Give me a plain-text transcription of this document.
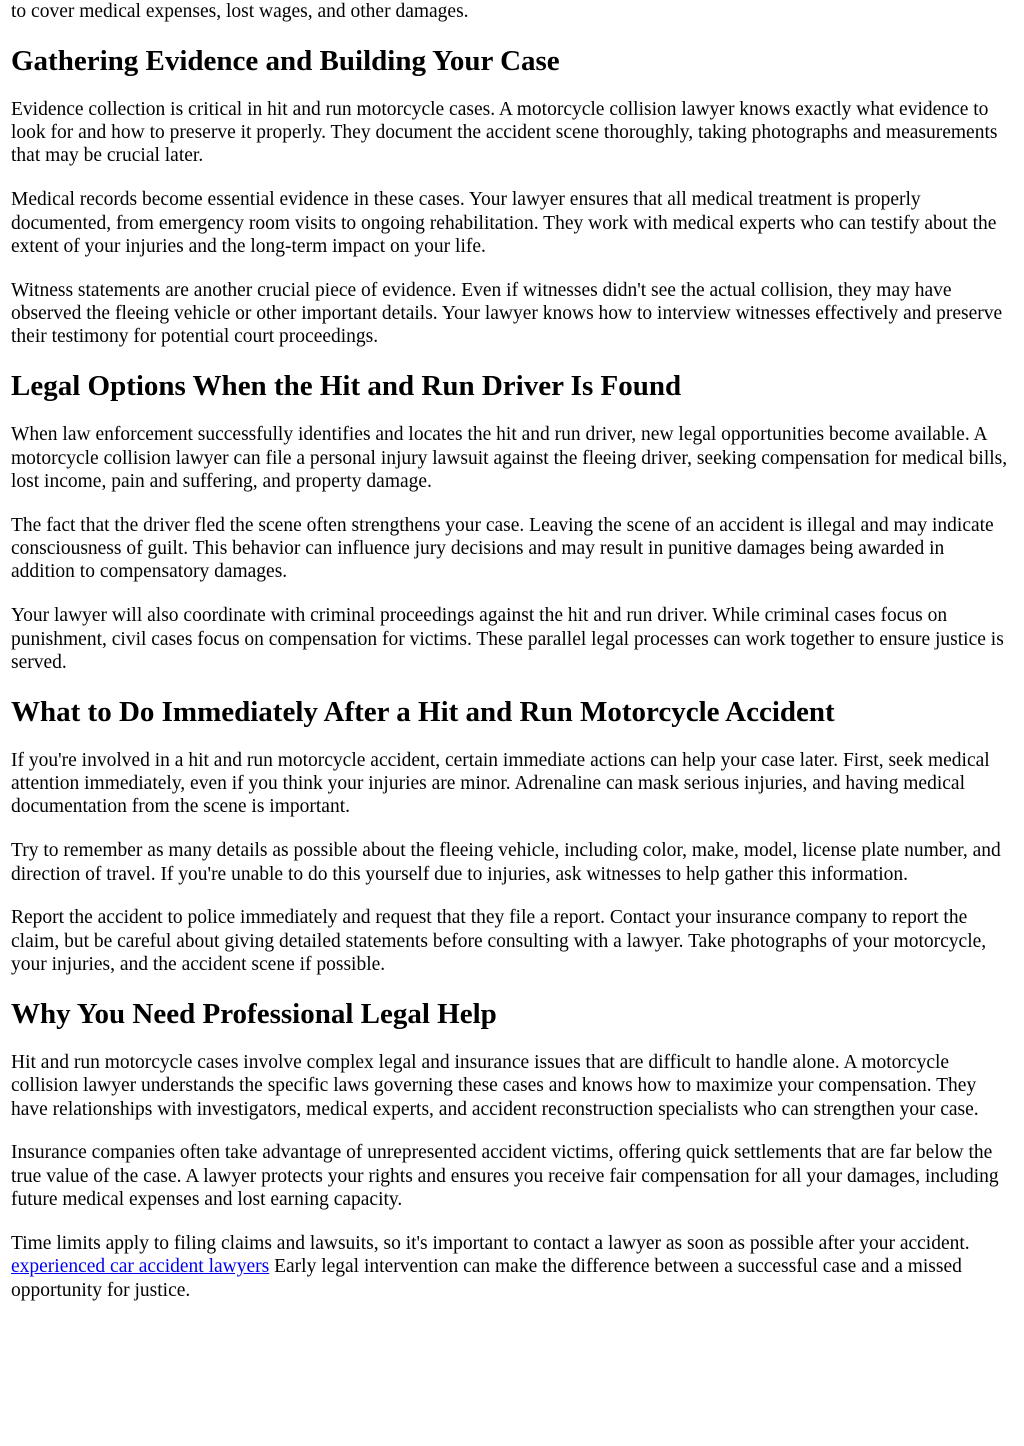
to cover medical expenses, lost wages, and other damages.

Gathering Evidence and Building Your Case

Evidence collection is critical in hit and run motorcycle cases. A motorcycle collision lawyer knows exactly what evidence to look for and how to preserve it properly. They document the accident scene thoroughly, taking photographs and measurements that may be crucial later.

Medical records become essential evidence in these cases. Your lawyer ensures that all medical treatment is properly documented, from emergency room visits to ongoing rehabilitation. They work with medical experts who can testify about the extent of your injuries and the long-term impact on your life.

Witness statements are another crucial piece of evidence. Even if witnesses didn't see the actual collision, they may have observed the fleeing vehicle or other important details. Your lawyer knows how to interview witnesses effectively and preserve their testimony for potential court proceedings.

Legal Options When the Hit and Run Driver Is Found

When law enforcement successfully identifies and locates the hit and run driver, new legal opportunities become available. A motorcycle collision lawyer can file a personal injury lawsuit against the fleeing driver, seeking compensation for medical bills, lost income, pain and suffering, and property damage.

The fact that the driver fled the scene often strengthens your case. Leaving the scene of an accident is illegal and may indicate consciousness of guilt. This behavior can influence jury decisions and may result in punitive damages being awarded in addition to compensatory damages.

Your lawyer will also coordinate with criminal proceedings against the hit and run driver. While criminal cases focus on punishment, civil cases focus on compensation for victims. These parallel legal processes can work together to ensure justice is served.

What to Do Immediately After a Hit and Run Motorcycle Accident

If you're involved in a hit and run motorcycle accident, certain immediate actions can help your case later. First, seek medical attention immediately, even if you think your injuries are minor. Adrenaline can mask serious injuries, and having medical documentation from the scene is important.

Try to remember as many details as possible about the fleeing vehicle, including color, make, model, license plate number, and direction of travel. If you're unable to do this yourself due to injuries, ask witnesses to help gather this information.

Report the accident to police immediately and request that they file a report. Contact your insurance company to report the claim, but be careful about giving detailed statements before consulting with a lawyer. Take photographs of your motorcycle, your injuries, and the accident scene if possible.

Why You Need Professional Legal Help

Hit and run motorcycle cases involve complex legal and insurance issues that are difficult to handle alone. A motorcycle collision lawyer understands the specific laws governing these cases and knows how to maximize your compensation. They have relationships with investigators, medical experts, and accident reconstruction specialists who can strengthen your case.

Insurance companies often take advantage of unrepresented accident victims, offering quick settlements that are far below the true value of the case. A lawyer protects your rights and ensures you receive fair compensation for all your damages, including future medical expenses and lost earning capacity.

Time limits apply to filing claims and lawsuits, so it's important to contact a lawyer as soon as possible after your accident. experienced car accident lawyers Early legal intervention can make the difference between a successful case and a missed opportunity for justice.
